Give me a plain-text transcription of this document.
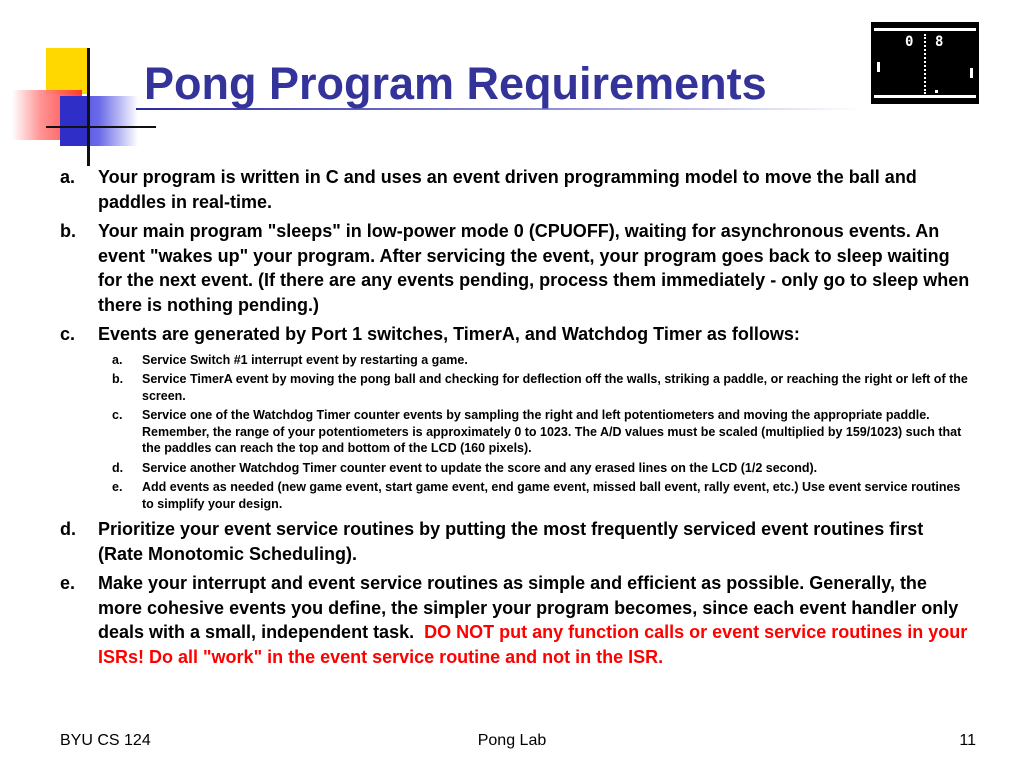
Pong Program Requirements
0 8
a.	Your program is written in C and uses an event driven programming model to move the ball and paddles in real-time.
b.	Your main program "sleeps" in low-power mode 0 (CPUOFF), waiting for asynchronous events. An event "wakes up" your program. After servicing the event, your program goes back to sleep waiting for the next event. (If there are any events pending, process them immediately - only go to sleep when there is nothing pending.)
c.	Events are generated by Port 1 switches, TimerA, and Watchdog Timer as follows:
a.	Service Switch #1 interrupt event by restarting a game.
b.	Service TimerA event by moving the pong ball and checking for deflection off the walls, striking a paddle, or reaching the right or left of the screen.
c.	Service one of the Watchdog Timer counter events by sampling the right and left potentiometers and moving the appropriate paddle. Remember, the range of your potentiometers is approximately 0 to 1023. The A/D values must be scaled (multiplied by 159/1023) such that the paddles can reach the top and bottom of the LCD (160 pixels).
d.	Service another Watchdog Timer counter event to update the score and any erased lines on the LCD (1/2 second).
e.	Add events as needed (new game event, start game event, end game event, missed ball event, rally event, etc.) Use event service routines to simplify your design.
d.	Prioritize your event service routines by putting the most frequently serviced event routines first (Rate Monotomic Scheduling).
e.	Make your interrupt and event service routines as simple and efficient as possible. Generally, the more cohesive events you define, the simpler your program becomes, since each event handler only deals with a small, independent task. DO NOT put any function calls or event service routines in your ISRs! Do all "work" in the event service routine and not in the ISR.
BYU CS 124	Pong Lab	11
